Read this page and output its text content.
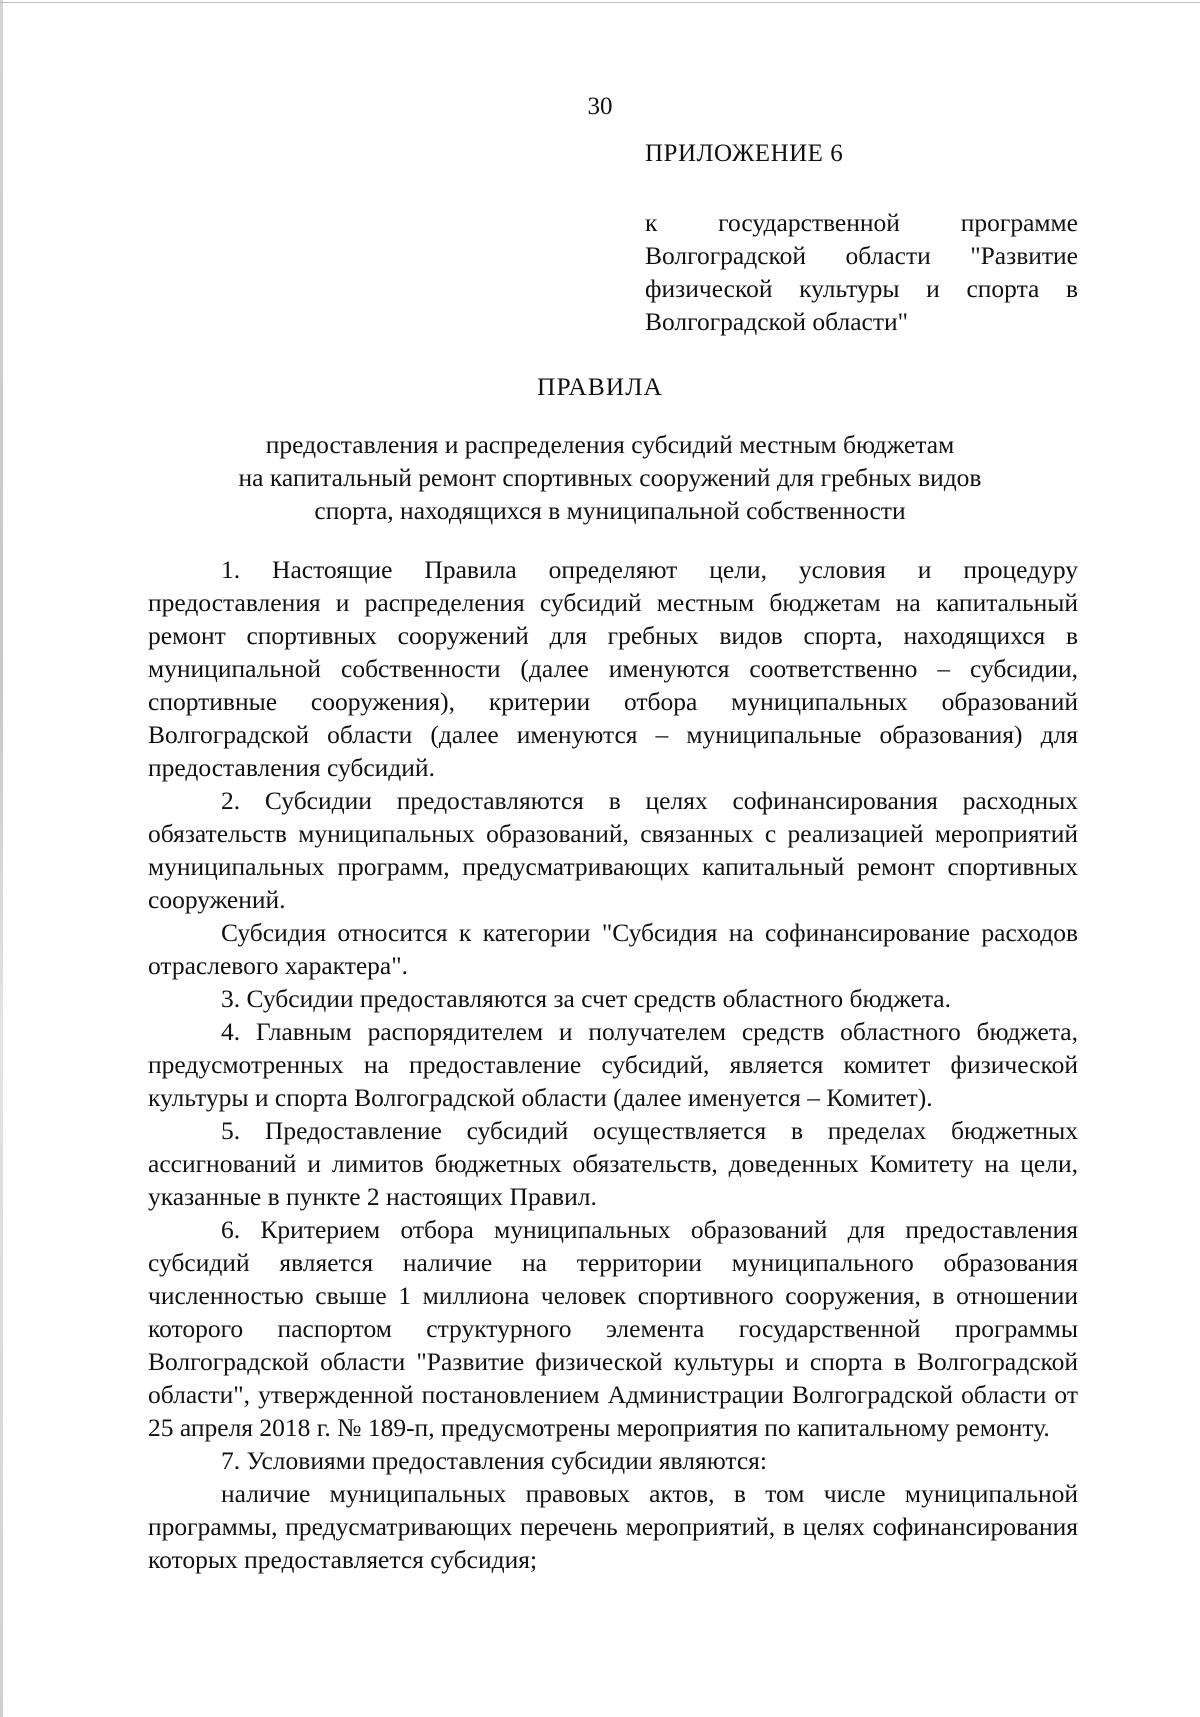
30
ПРИЛОЖЕНИЕ 6
к государственной программе Волгоградской области "Развитие физической культуры и спорта в Волгоградской области"
ПРАВИЛА
предоставления и распределения субсидий местным бюджетам
на капитальный ремонт спортивных сооружений для гребных видов
спорта, находящихся в муниципальной собственности

1. Настоящие Правила определяют цели, условия и процедуру предоставления и распределения субсидий местным бюджетам на капитальный ремонт спортивных сооружений для гребных видов спорта, находящихся в муниципальной собственности (далее именуются соответственно – субсидии, спортивные сооружения), критерии отбора муниципальных образований Волгоградской области (далее именуются – муниципальные образования) для предоставления субсидий.

2. Субсидии предоставляются в целях софинансирования расходных обязательств муниципальных образований, связанных с реализацией мероприятий муниципальных программ, предусматривающих капитальный ремонт спортивных сооружений.

Субсидия относится к категории "Субсидия на софинансирование расходов отраслевого характера".

3. Субсидии предоставляются за счет средств областного бюджета.

4. Главным распорядителем и получателем средств областного бюджета, предусмотренных на предоставление субсидий, является комитет физической культуры и спорта Волгоградской области (далее именуется – Комитет).

5. Предоставление субсидий осуществляется в пределах бюджетных ассигнований и лимитов бюджетных обязательств, доведенных Комитету на цели, указанные в пункте 2 настоящих Правил.

6. Критерием отбора муниципальных образований для предоставления субсидий является наличие на территории муниципального образования численностью свыше 1 миллиона человек спортивного сооружения, в отношении которого паспортом структурного элемента государственной программы Волгоградской области "Развитие физической культуры и спорта в Волгоградской области", утвержденной постановлением Администрации Волгоградской области от 25 апреля 2018 г. № 189-п, предусмотрены мероприятия по капитальному ремонту.

7. Условиями предоставления субсидии являются:

наличие муниципальных правовых актов, в том числе муниципальной программы, предусматривающих перечень мероприятий, в целях софинансирования которых предоставляется субсидия;
